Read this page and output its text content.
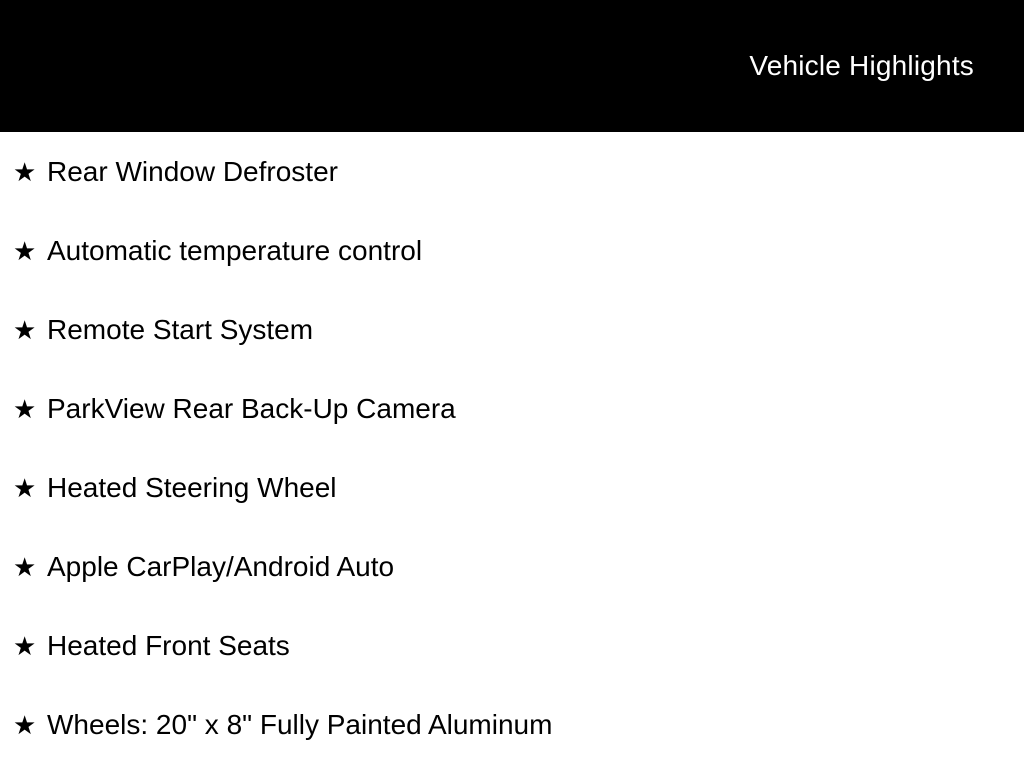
Vehicle Highlights
★ Rear Window Defroster
★ Automatic temperature control
★ Remote Start System
★ ParkView Rear Back-Up Camera
★ Heated Steering Wheel
★ Apple CarPlay/Android Auto
★ Heated Front Seats
★ Wheels: 20" x 8" Fully Painted Aluminum
